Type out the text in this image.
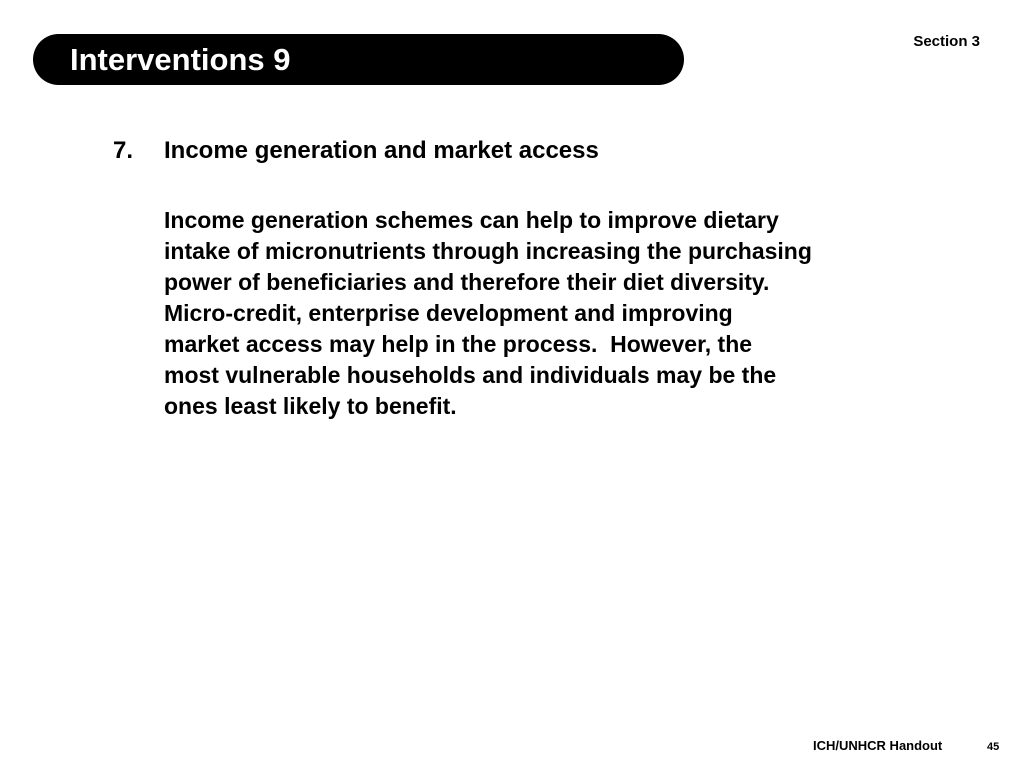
Interventions 9
Section 3
7. Income generation and market access

Income generation schemes can help to improve dietary
intake of micronutrients through increasing the purchasing
power of beneficiaries and therefore their diet diversity.
Micro-credit, enterprise development and improving
market access may help in the process.  However, the
most vulnerable households and individuals may be the
ones least likely to benefit.

ICH/UNHCR Handout	45
